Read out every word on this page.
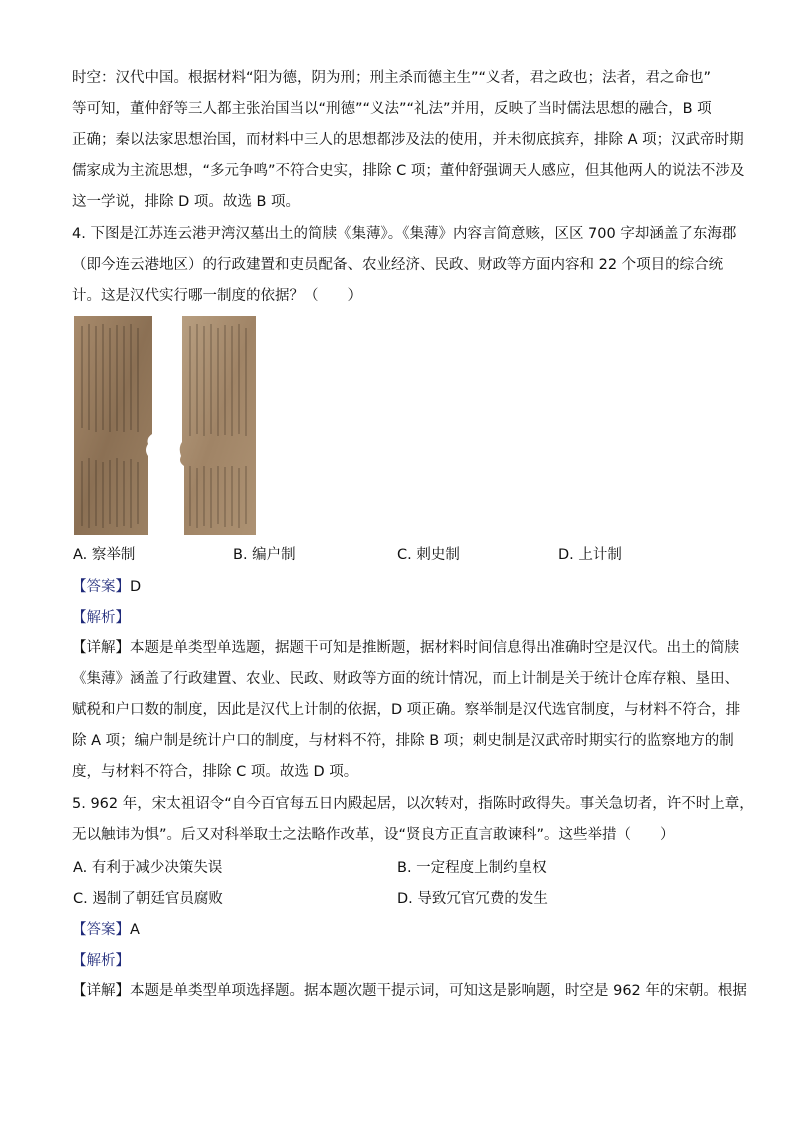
时空：汉代中国。根据材料“阳为德，阴为刑；刑主杀而德主生”“义者，君之政也；法者，君之命也”
等可知，董仲舒等三人都主张治国当以“刑德”“义法”“礼法”并用，反映了当时儒法思想的融合，B 项
正确；秦以法家思想治国，而材料中三人的思想都涉及法的使用，并未彻底摈弃，排除 A 项；汉武帝时期
儒家成为主流思想，“多元争鸣”不符合史实，排除 C 项；董仲舒强调天人感应，但其他两人的说法不涉及
这一学说，排除 D 项。故选 B 项。

4. 下图是江苏连云港尹湾汉墓出土的简牍《集薄》。《集薄》内容言简意赅，区区 700 字却涵盖了东海郡
（即今连云港地区）的行政建置和吏员配备、农业经济、民政、财政等方面内容和 22 个项目的综合统
计。这是汉代实行哪一制度的依据？（　　）

A. 察举制	B. 编户制	C. 刺史制	D. 上计制
【答案】D
【解析】

【详解】本题是单类型单选题，据题干可知是推断题，据材料时间信息得出准确时空是汉代。出土的简牍
《集薄》涵盖了行政建置、农业、民政、财政等方面的统计情况，而上计制是关于统计仓库存粮、垦田、
赋税和户口数的制度，因此是汉代上计制的依据，D 项正确。察举制是汉代选官制度，与材料不符合，排
除 A 项；编户制是统计户口的制度，与材料不符，排除 B 项；刺史制是汉武帝时期实行的监察地方的制
度，与材料不符合，排除 C 项。故选 D 项。

5. 962 年，宋太祖诏令“自今百官每五日内殿起居，以次转对，指陈时政得失。事关急切者，许不时上章，
无以触讳为惧”。后又对科举取士之法略作改革，设“贤良方正直言敢谏科”。这些举措（　　）

A. 有利于减少决策失误	B. 一定程度上制约皇权
C. 遏制了朝廷官员腐败	D. 导致冗官冗费的发生
【答案】A
【解析】

【详解】本题是单类型单项选择题。据本题次题干提示词，可知这是影响题，时空是 962 年的宋朝。根据
